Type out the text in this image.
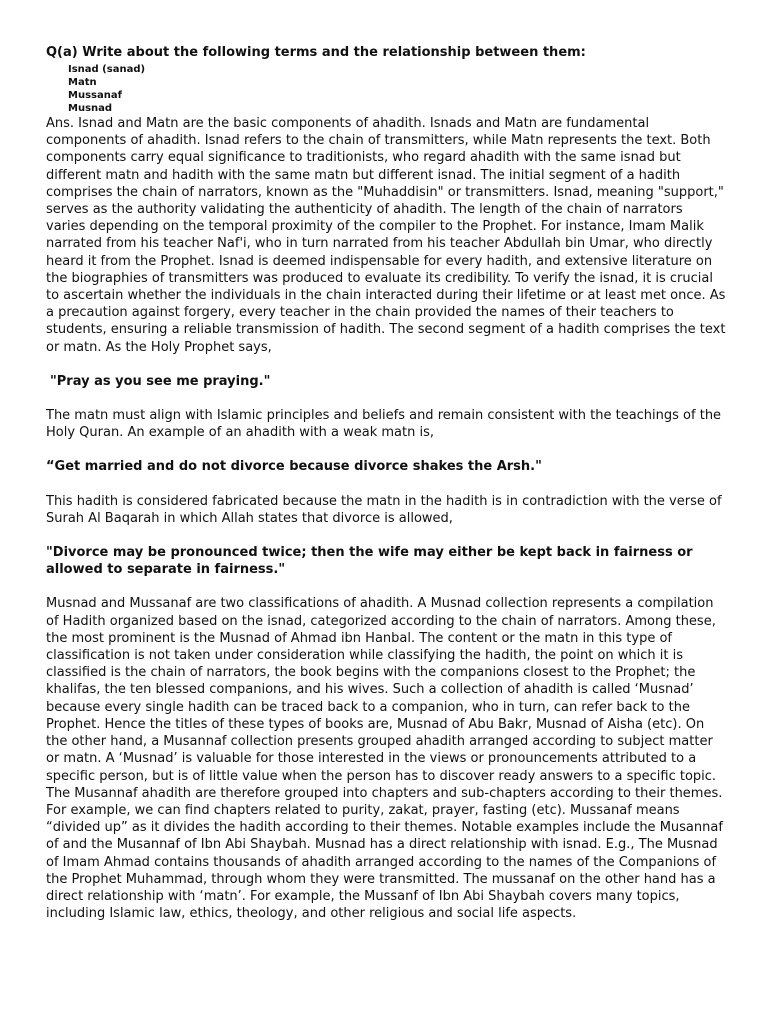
Q(a) Write about the following terms and the relationship between them:

Isnad (sanad)
Matn
Mussanaf
Musnad

Ans. Isnad and Matn are the basic components of ahadith. Isnads and Matn are fundamental components of ahadith. Isnad refers to the chain of transmitters, while Matn represents the text. Both components carry equal significance to traditionists, who regard ahadith with the same isnad but different matn and hadith with the same matn but different isnad. The initial segment of a hadith comprises the chain of narrators, known as the "Muhaddisin" or transmitters. Isnad, meaning "support," serves as the authority validating the authenticity of ahadith. The length of the chain of narrators varies depending on the temporal proximity of the compiler to the Prophet. For instance, Imam Malik narrated from his teacher Naf'i, who in turn narrated from his teacher Abdullah bin Umar, who directly heard it from the Prophet. Isnad is deemed indispensable for every hadith, and extensive literature on the biographies of transmitters was produced to evaluate its credibility. To verify the isnad, it is crucial to ascertain whether the individuals in the chain interacted during their lifetime or at least met once. As a precaution against forgery, every teacher in the chain provided the names of their teachers to students, ensuring a reliable transmission of hadith. The second segment of a hadith comprises the text or matn. As the Holy Prophet says,

"Pray as you see me praying."

The matn must align with Islamic principles and beliefs and remain consistent with the teachings of the Holy Quran. An example of an ahadith with a weak matn is,

“Get married and do not divorce because divorce shakes the Arsh."

This hadith is considered fabricated because the matn in the hadith is in contradiction with the verse of Surah Al Baqarah in which Allah states that divorce is allowed,

"Divorce may be pronounced twice; then the wife may either be kept back in fairness or allowed to separate in fairness."

Musnad and Mussanaf are two classifications of ahadith. A Musnad collection represents a compilation of Hadith organized based on the isnad, categorized according to the chain of narrators. Among these, the most prominent is the Musnad of Ahmad ibn Hanbal. The content or the matn in this type of classification is not taken under consideration while classifying the hadith, the point on which it is classified is the chain of narrators, the book begins with the companions closest to the Prophet; the khalifas, the ten blessed companions, and his wives. Such a collection of ahadith is called ‘Musnad’ because every single hadith can be traced back to a companion, who in turn, can refer back to the Prophet. Hence the titles of these types of books are, Musnad of Abu Bakr, Musnad of Aisha (etc). On the other hand, a Musannaf collection presents grouped ahadith arranged according to subject matter or matn. A ‘Musnad’ is valuable for those interested in the views or pronouncements attributed to a specific person, but is of little value when the person has to discover ready answers to a specific topic. The Musannaf ahadith are therefore grouped into chapters and sub-chapters according to their themes. For example, we can find chapters related to purity, zakat, prayer, fasting (etc). Mussanaf means “divided up” as it divides the hadith according to their themes. Notable examples include the Musannaf of and the Musannaf of Ibn Abi Shaybah. Musnad has a direct relationship with isnad. E.g., The Musnad of Imam Ahmad contains thousands of ahadith arranged according to the names of the Companions of the Prophet Muhammad, through whom they were transmitted. The mussanaf on the other hand has a direct relationship with ‘matn’. For example, the Mussanf of Ibn Abi Shaybah covers many topics, including Islamic law, ethics, theology, and other religious and social life aspects.
